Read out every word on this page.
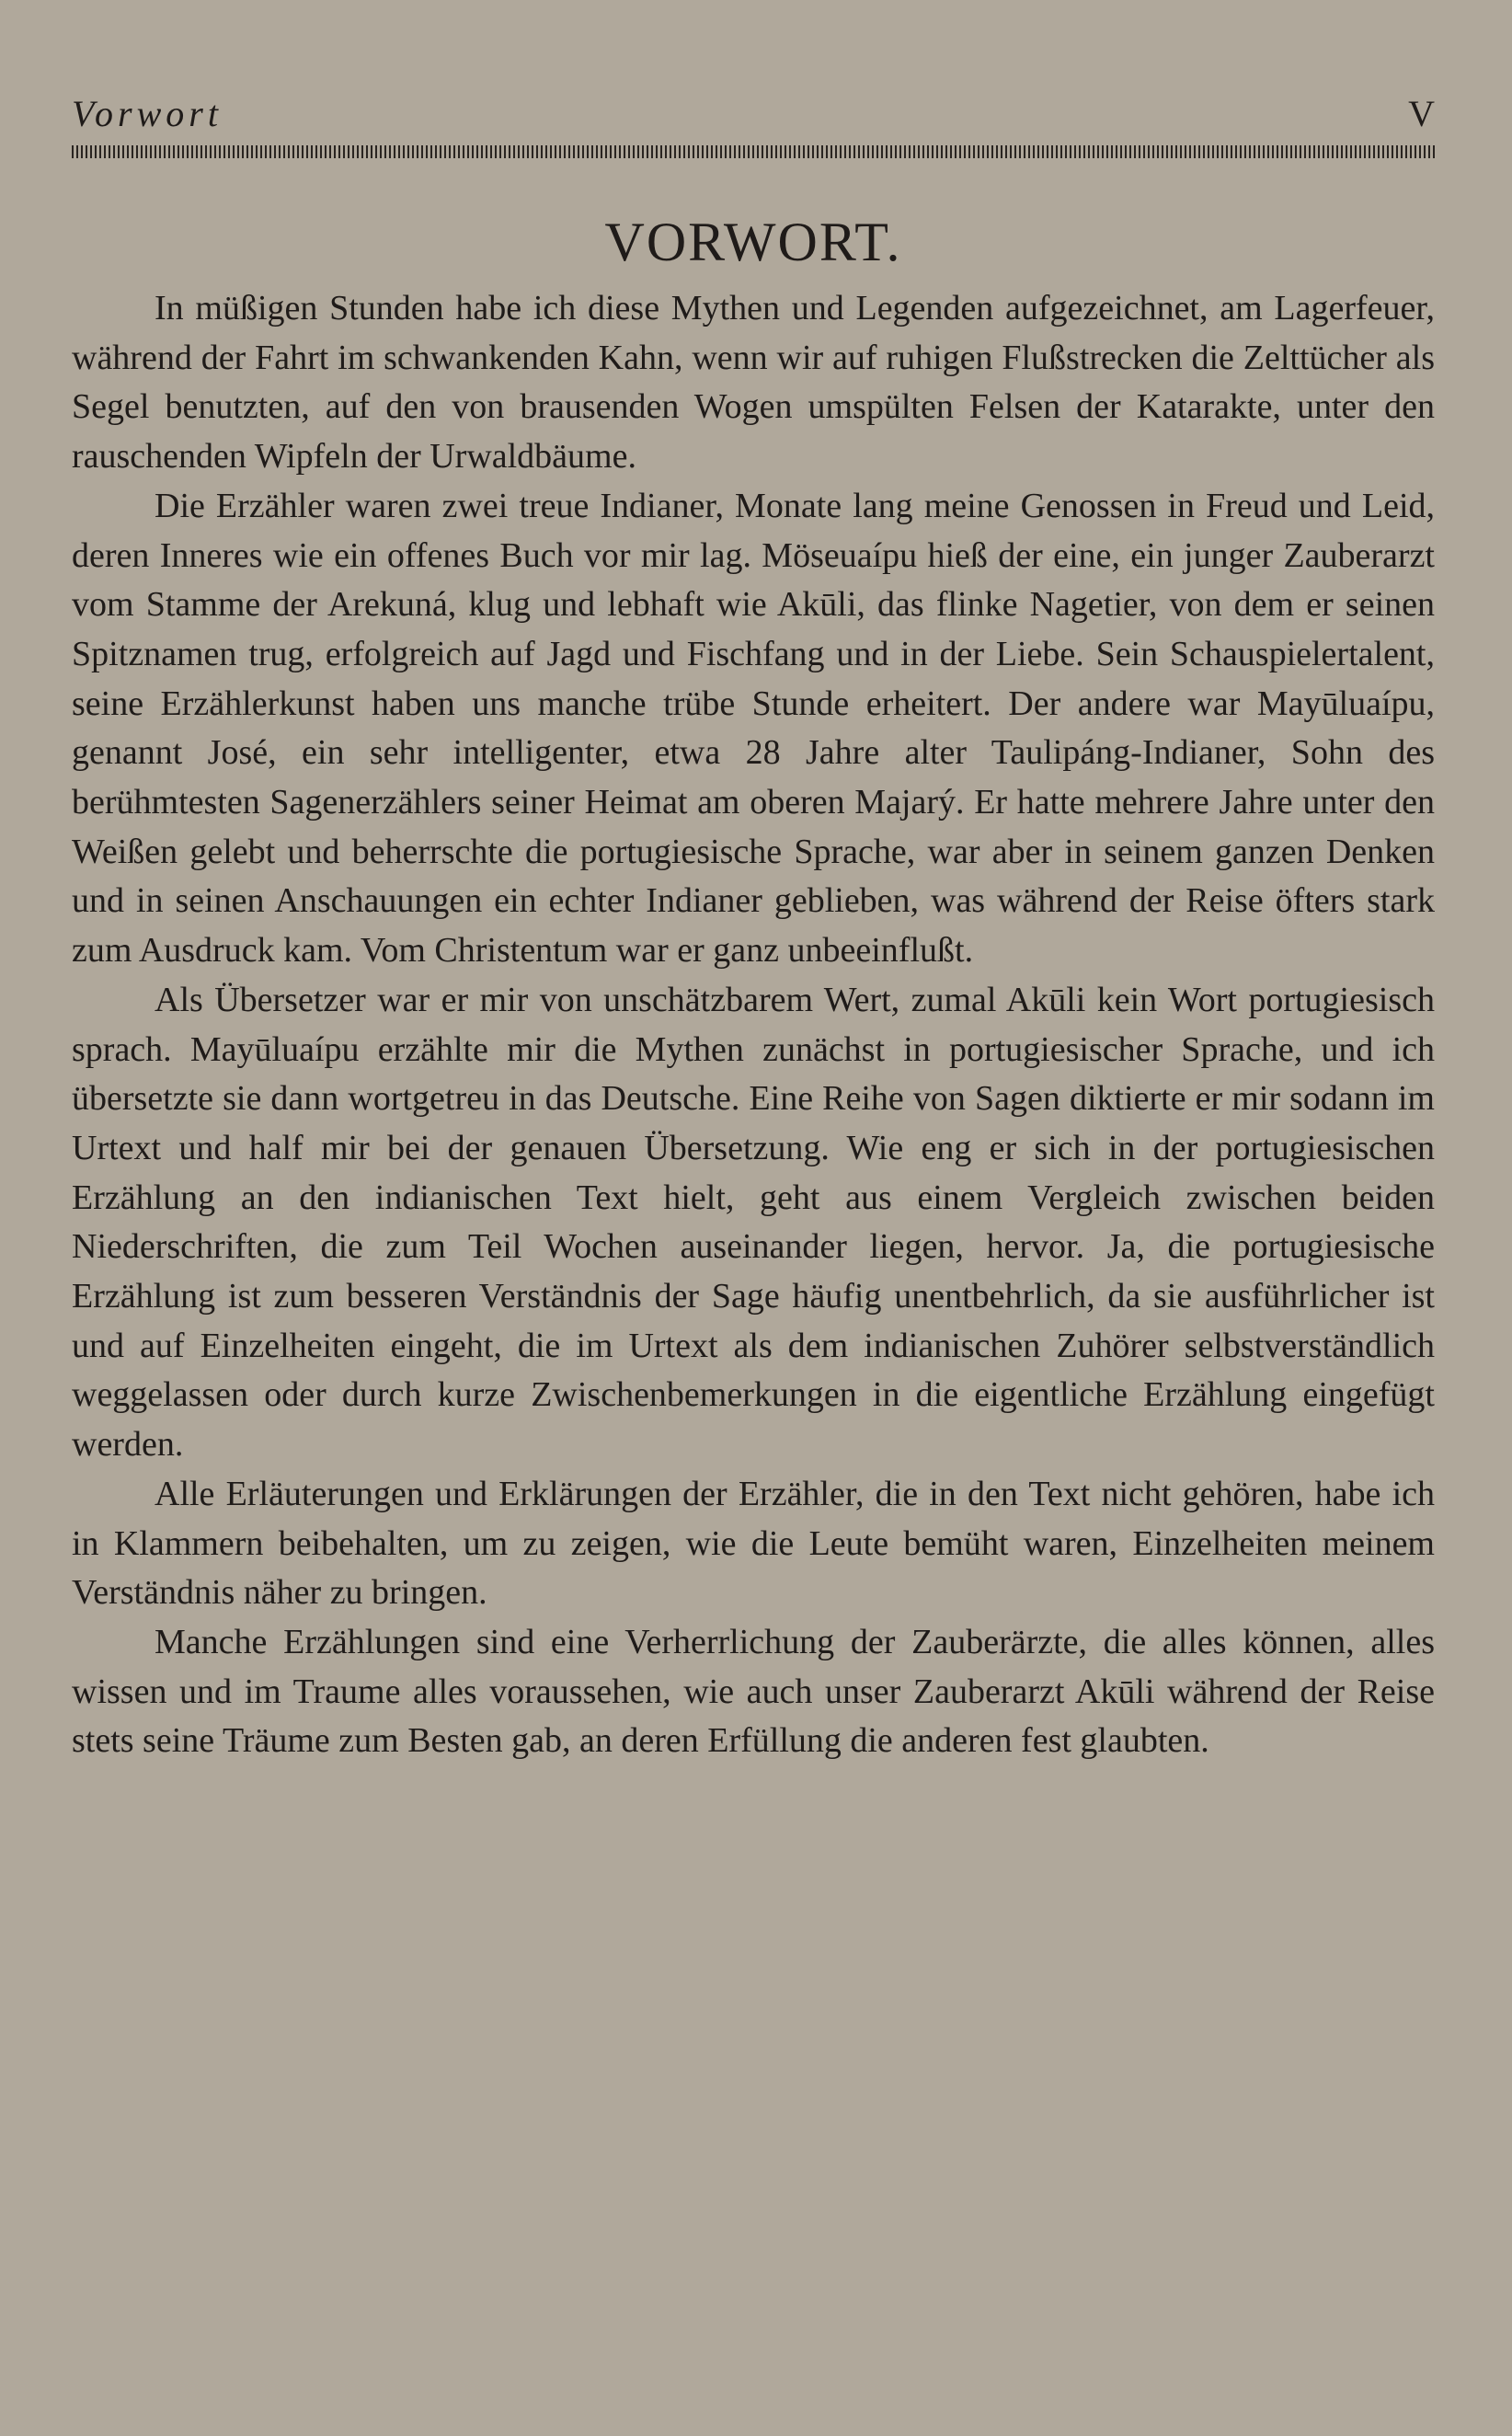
Vorwort	V
VORWORT.

In müßigen Stunden habe ich diese Mythen und Legenden aufgezeichnet, am Lagerfeuer, während der Fahrt im schwankenden Kahn, wenn wir auf ruhigen Flußstrecken die Zelttücher als Segel benutzten, auf den von brausenden Wogen umspülten Felsen der Katarakte, unter den rauschenden Wipfeln der Urwaldbäume.

Die Erzähler waren zwei treue Indianer, Monate lang meine Genossen in Freud und Leid, deren Inneres wie ein offenes Buch vor mir lag. Möseuaípu hieß der eine, ein junger Zauberarzt vom Stamme der Arekuná, klug und lebhaft wie Akūli, das flinke Nagetier, von dem er seinen Spitznamen trug, erfolgreich auf Jagd und Fischfang und in der Liebe. Sein Schauspielertalent, seine Erzählerkunst haben uns manche trübe Stunde erheitert. Der andere war Mayūluaípu, genannt José, ein sehr intelligenter, etwa 28 Jahre alter Taulipáng-Indianer, Sohn des berühmtesten Sagenerzählers seiner Heimat am oberen Majarý. Er hatte mehrere Jahre unter den Weißen gelebt und beherrschte die portugiesische Sprache, war aber in seinem ganzen Denken und in seinen Anschauungen ein echter Indianer geblieben, was während der Reise öfters stark zum Ausdruck kam. Vom Christentum war er ganz unbeeinflußt.

Als Übersetzer war er mir von unschätzbarem Wert, zumal Akūli kein Wort portugiesisch sprach. Mayūluaípu erzählte mir die Mythen zunächst in portugiesischer Sprache, und ich übersetzte sie dann wortgetreu in das Deutsche. Eine Reihe von Sagen diktierte er mir sodann im Urtext und half mir bei der genauen Übersetzung. Wie eng er sich in der portugiesischen Erzählung an den indianischen Text hielt, geht aus einem Vergleich zwischen beiden Niederschriften, die zum Teil Wochen auseinander liegen, hervor. Ja, die portugiesische Erzählung ist zum besseren Verständnis der Sage häufig unentbehrlich, da sie ausführlicher ist und auf Einzelheiten eingeht, die im Urtext als dem indianischen Zuhörer selbstverständlich weggelassen oder durch kurze Zwischenbemerkungen in die eigentliche Erzählung eingefügt werden.

Alle Erläuterungen und Erklärungen der Erzähler, die in den Text nicht gehören, habe ich in Klammern beibehalten, um zu zeigen, wie die Leute bemüht waren, Einzelheiten meinem Verständnis näher zu bringen.

Manche Erzählungen sind eine Verherrlichung der Zauberärzte, die alles können, alles wissen und im Traume alles voraussehen, wie auch unser Zauberarzt Akūli während der Reise stets seine Träume zum Besten gab, an deren Erfüllung die anderen fest glaubten.
